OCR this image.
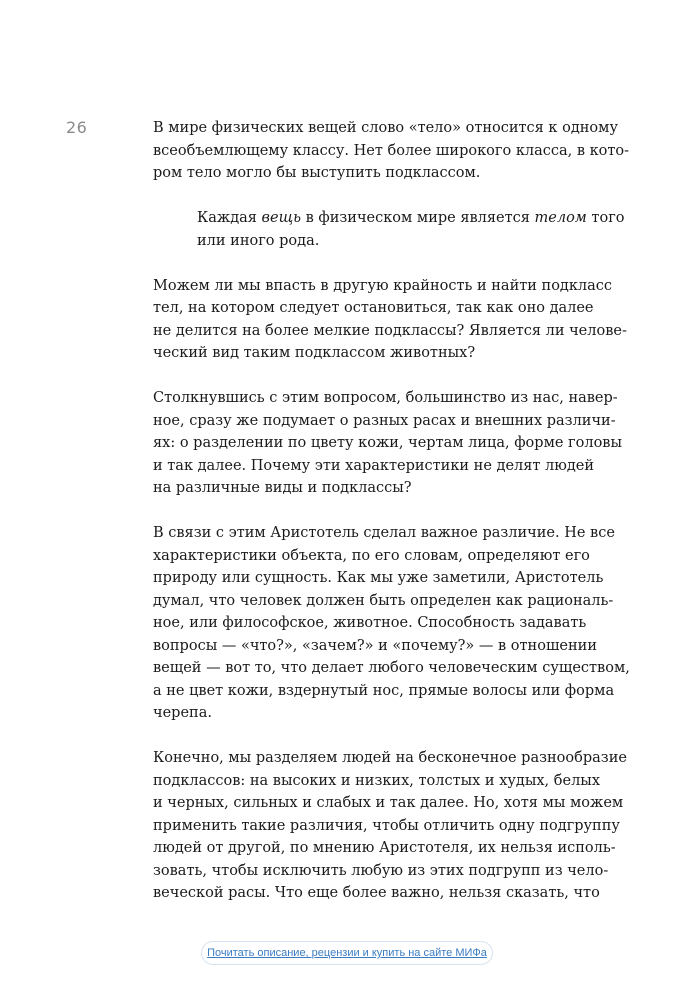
26	В мире физических вещей слово «тело» относится к одному
всеобъемлющему классу. Нет более широкого класса, в кото-
ром тело могло бы выступить подклассом.

Каждая вещь в физическом мире является телом того
или иного рода.

Можем ли мы впасть в другую крайность и найти подкласс
тел, на котором следует остановиться, так как оно далее
не делится на более мелкие подклассы? Является ли челове-
ческий вид таким подклассом животных?

Столкнувшись с этим вопросом, большинство из нас, навер-
ное, сразу же подумает о разных расах и внешних различи-
ях: о разделении по цвету кожи, чертам лица, форме головы
и так далее. Почему эти характеристики не делят людей
на различные виды и подклассы?

В связи с этим Аристотель сделал важное различие. Не все
характеристики объекта, по его словам, определяют его
природу или сущность. Как мы уже заметили, Аристотель
думал, что человек должен быть определен как рациональ-
ное, или философское, животное. Способность задавать
вопросы — «что?», «зачем?» и «почему?» — в отношении
вещей — вот то, что делает любого человеческим существом,
а не цвет кожи, вздернутый нос, прямые волосы или форма
черепа.

Конечно, мы разделяем людей на бесконечное разнообразие
подклассов: на высоких и низких, толстых и худых, белых
и черных, сильных и слабых и так далее. Но, хотя мы можем
применить такие различия, чтобы отличить одну подгруппу
людей от другой, по мнению Аристотеля, их нельзя исполь-
зовать, чтобы исключить любую из этих подгрупп из чело-
веческой расы. Что еще более важно, нельзя сказать, что

Почитать описание, рецензии и купить на сайте МИФа
